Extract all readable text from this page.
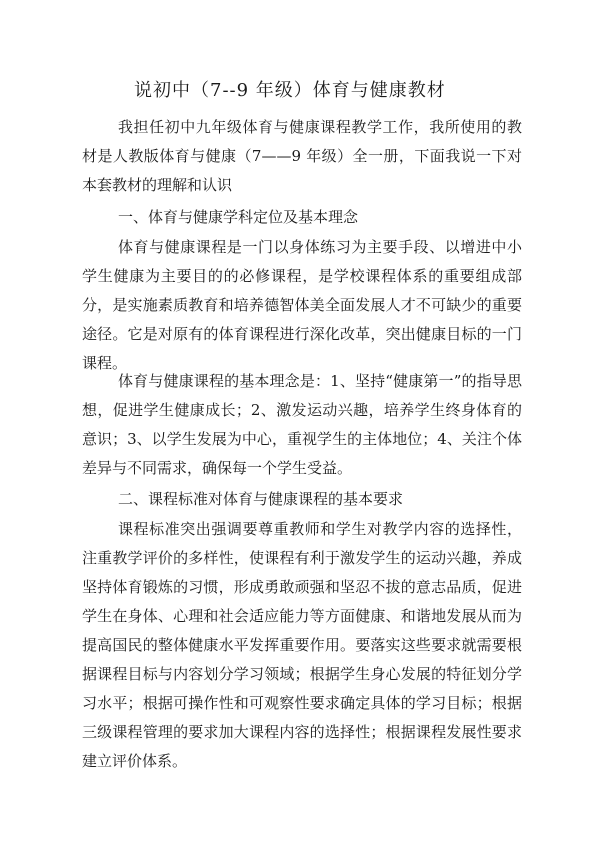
说初中（7--9 年级）体育与健康教材

我担任初中九年级体育与健康课程教学工作，我所使用的教材是人教版体育与健康（7——9 年级）全一册，下面我说一下对本套教材的理解和认识

一、体育与健康学科定位及基本理念

体育与健康课程是一门以身体练习为主要手段、以增进中小学生健康为主要目的的必修课程，是学校课程体系的重要组成部分，是实施素质教育和培养德智体美全面发展人才不可缺少的重要途径。它是对原有的体育课程进行深化改革，突出健康目标的一门课程。

体育与健康课程的基本理念是：1、坚持“健康第一”的指导思想，促进学生健康成长；2、激发运动兴趣，培养学生终身体育的意识；3、以学生发展为中心，重视学生的主体地位；4、关注个体差异与不同需求，确保每一个学生受益。

二、课程标准对体育与健康课程的基本要求

课程标准突出强调要尊重教师和学生对教学内容的选择性，注重教学评价的多样性，使课程有利于激发学生的运动兴趣，养成坚持体育锻炼的习惯，形成勇敢顽强和坚忍不拔的意志品质，促进学生在身体、心理和社会适应能力等方面健康、和谐地发展从而为提高国民的整体健康水平发挥重要作用。要落实这些要求就需要根据课程目标与内容划分学习领域；根据学生身心发展的特征划分学习水平；根据可操作性和可观察性要求确定具体的学习目标；根据三级课程管理的要求加大课程内容的选择性；根据课程发展性要求建立评价体系。
